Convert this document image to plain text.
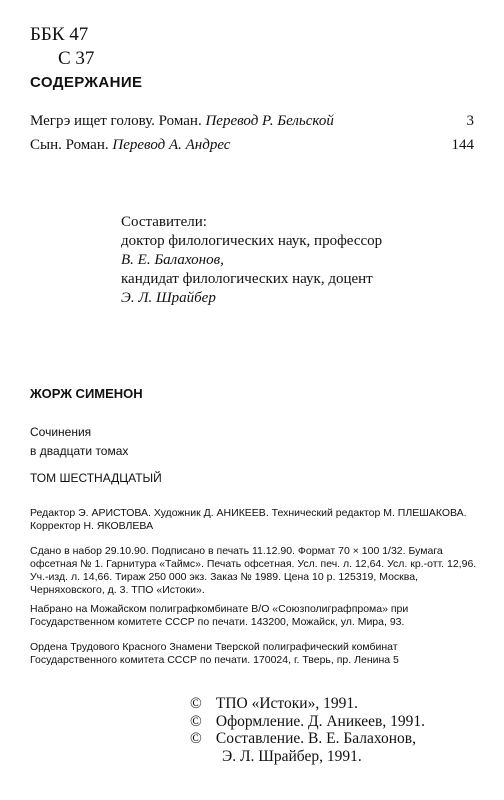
ББК 47
С 37
СОДЕРЖАНИЕ
Мегрэ ищет голову. Роман. Перевод Р. Бельской	3
Сын. Роман. Перевод А. Андрес	144
Составители:
доктор филологических наук, профессор
В. Е. Балахонов,
кандидат филологических наук, доцент
Э. Л. Шрайбер
ЖОРЖ СИМЕНОН
Сочинения
в двадцати томах
ТОМ ШЕСТНАДЦАТЫЙ
Редактор Э. АРИСТОВА. Художник Д. АНИКЕЕВ. Технический редактор М. ПЛЕШАКОВА. Корректор Н. ЯКОВЛЕВА
Сдано в набор 29.10.90. Подписано в печать 11.12.90. Формат 70 × 100 1/32. Бумага офсетная № 1. Гарнитура «Таймс». Печать офсетная. Усл. печ. л. 12,64. Усл. кр.-отт. 12,96. Уч.-изд. л. 14,66. Тираж 250 000 экз. Заказ № 1989. Цена 10 р. 125319, Москва, Черняховского, д. 3. ТПО «Истоки».
Набрано на Можайском полиграфкомбинате В/О «Союзполиграфпрома» при Государственном комитете СССР по печати. 143200, Можайск, ул. Мира, 93.
Ордена Трудового Красного Знамени Тверской полиграфический комбинат Государственного комитета СССР по печати. 170024, г. Тверь, пр. Ленина 5
© ТПО «Истоки», 1991.
© Оформление. Д. Аникеев, 1991.
© Составление. В. Е. Балахонов,
Э. Л. Шрайбер, 1991.
